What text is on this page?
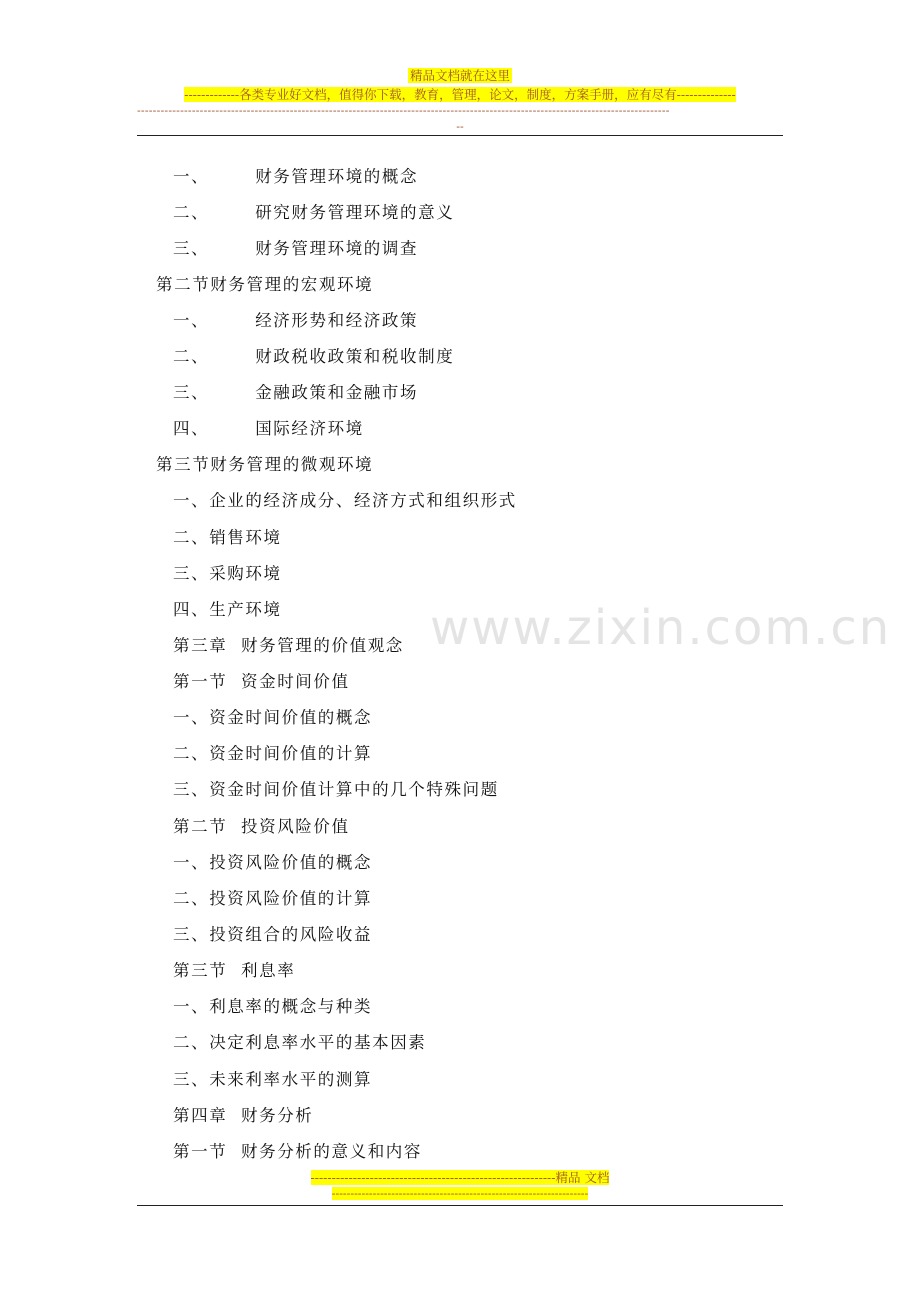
精品文档就在这里
-------------各类专业好文档，值得你下载，教育，管理，论文，制度，方案手册，应有尽有--------------
----------------------------------------------------------------------------------------------------------------------------------------
--
www.zixin.com.cn
一、	财务管理环境的概念
二、	研究财务管理环境的意义
三、	财务管理环境的调查
第二节财务管理的宏观环境
一、	经济形势和经济政策
二、	财政税收政策和税收制度
三、	金融政策和金融市场
四、	国际经济环境
第三节财务管理的微观环境
一、企业的经济成分、经济方式和组织形式
二、销售环境
三、采购环境
四、生产环境
第三章  财务管理的价值观念
第一节  资金时间价值
一、资金时间价值的概念
二、资金时间价值的计算
三、资金时间价值计算中的几个特殊问题
第二节  投资风险价值
一、投资风险价值的概念
二、投资风险价值的计算
三、投资组合的风险收益
第三节  利息率
一、利息率的概念与种类
二、决定利息率水平的基本因素
三、未来利率水平的测算
第四章  财务分析
第一节  财务分析的意义和内容
----------------------------------------------------------精品 文档
---------------------------------------------------------------------
